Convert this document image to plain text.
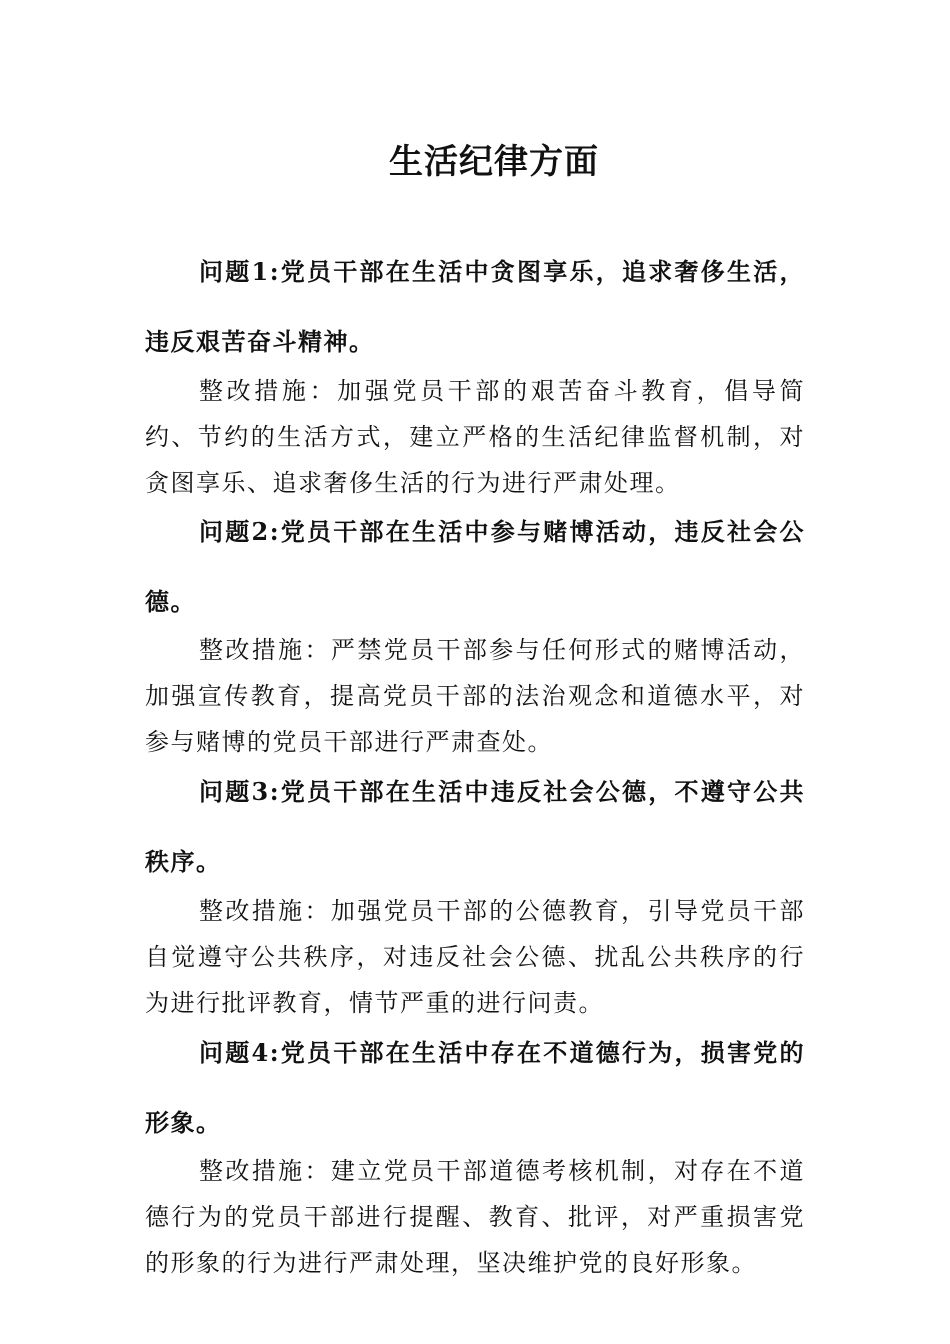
生活纪律方面

问题1:党员干部在生活中贪图享乐，追求奢侈生活，违反艰苦奋斗精神。

整改措施：加强党员干部的艰苦奋斗教育，倡导简约、节约的生活方式，建立严格的生活纪律监督机制，对贪图享乐、追求奢侈生活的行为进行严肃处理。

问题2:党员干部在生活中参与赌博活动，违反社会公德。

整改措施：严禁党员干部参与任何形式的赌博活动，加强宣传教育，提高党员干部的法治观念和道德水平，对参与赌博的党员干部进行严肃查处。

问题3:党员干部在生活中违反社会公德，不遵守公共秩序。

整改措施：加强党员干部的公德教育，引导党员干部自觉遵守公共秩序，对违反社会公德、扰乱公共秩序的行为进行批评教育，情节严重的进行问责。

问题4:党员干部在生活中存在不道德行为，损害党的形象。

整改措施：建立党员干部道德考核机制，对存在不道德行为的党员干部进行提醒、教育、批评，对严重损害党的形象的行为进行严肃处理，坚决维护党的良好形象。
